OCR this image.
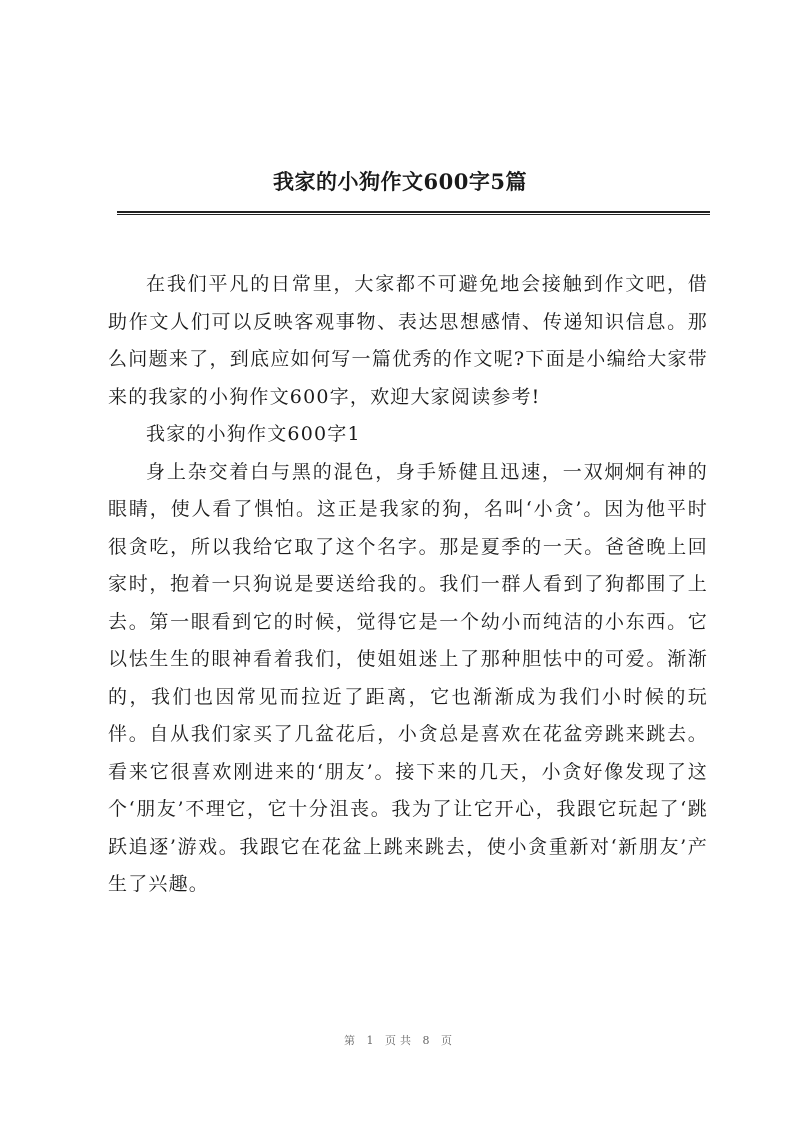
我家的小狗作文600字5篇

在我们平凡的日常里，大家都不可避免地会接触到作文吧，借助作文人们可以反映客观事物、表达思想感情、传递知识信息。那么问题来了，到底应如何写一篇优秀的作文呢?下面是小编给大家带来的我家的小狗作文600字，欢迎大家阅读参考!

我家的小狗作文600字1

身上杂交着白与黑的混色，身手矫健且迅速，一双炯炯有神的眼睛，使人看了惧怕。这正是我家的狗，名叫‘小贪’。因为他平时很贪吃，所以我给它取了这个名字。那是夏季的一天。爸爸晚上回家时，抱着一只狗说是要送给我的。我们一群人看到了狗都围了上去。第一眼看到它的时候，觉得它是一个幼小而纯洁的小东西。它以怯生生的眼神看着我们，使姐姐迷上了那种胆怯中的可爱。渐渐的，我们也因常见而拉近了距离，它也渐渐成为我们小时候的玩伴。自从我们家买了几盆花后，小贪总是喜欢在花盆旁跳来跳去。看来它很喜欢刚进来的‘朋友’。接下来的几天，小贪好像发现了这个‘朋友’不理它，它十分沮丧。我为了让它开心，我跟它玩起了‘跳跃追逐’游戏。我跟它在花盆上跳来跳去，使小贪重新对‘新朋友’产生了兴趣。

第 1 页共 8 页
